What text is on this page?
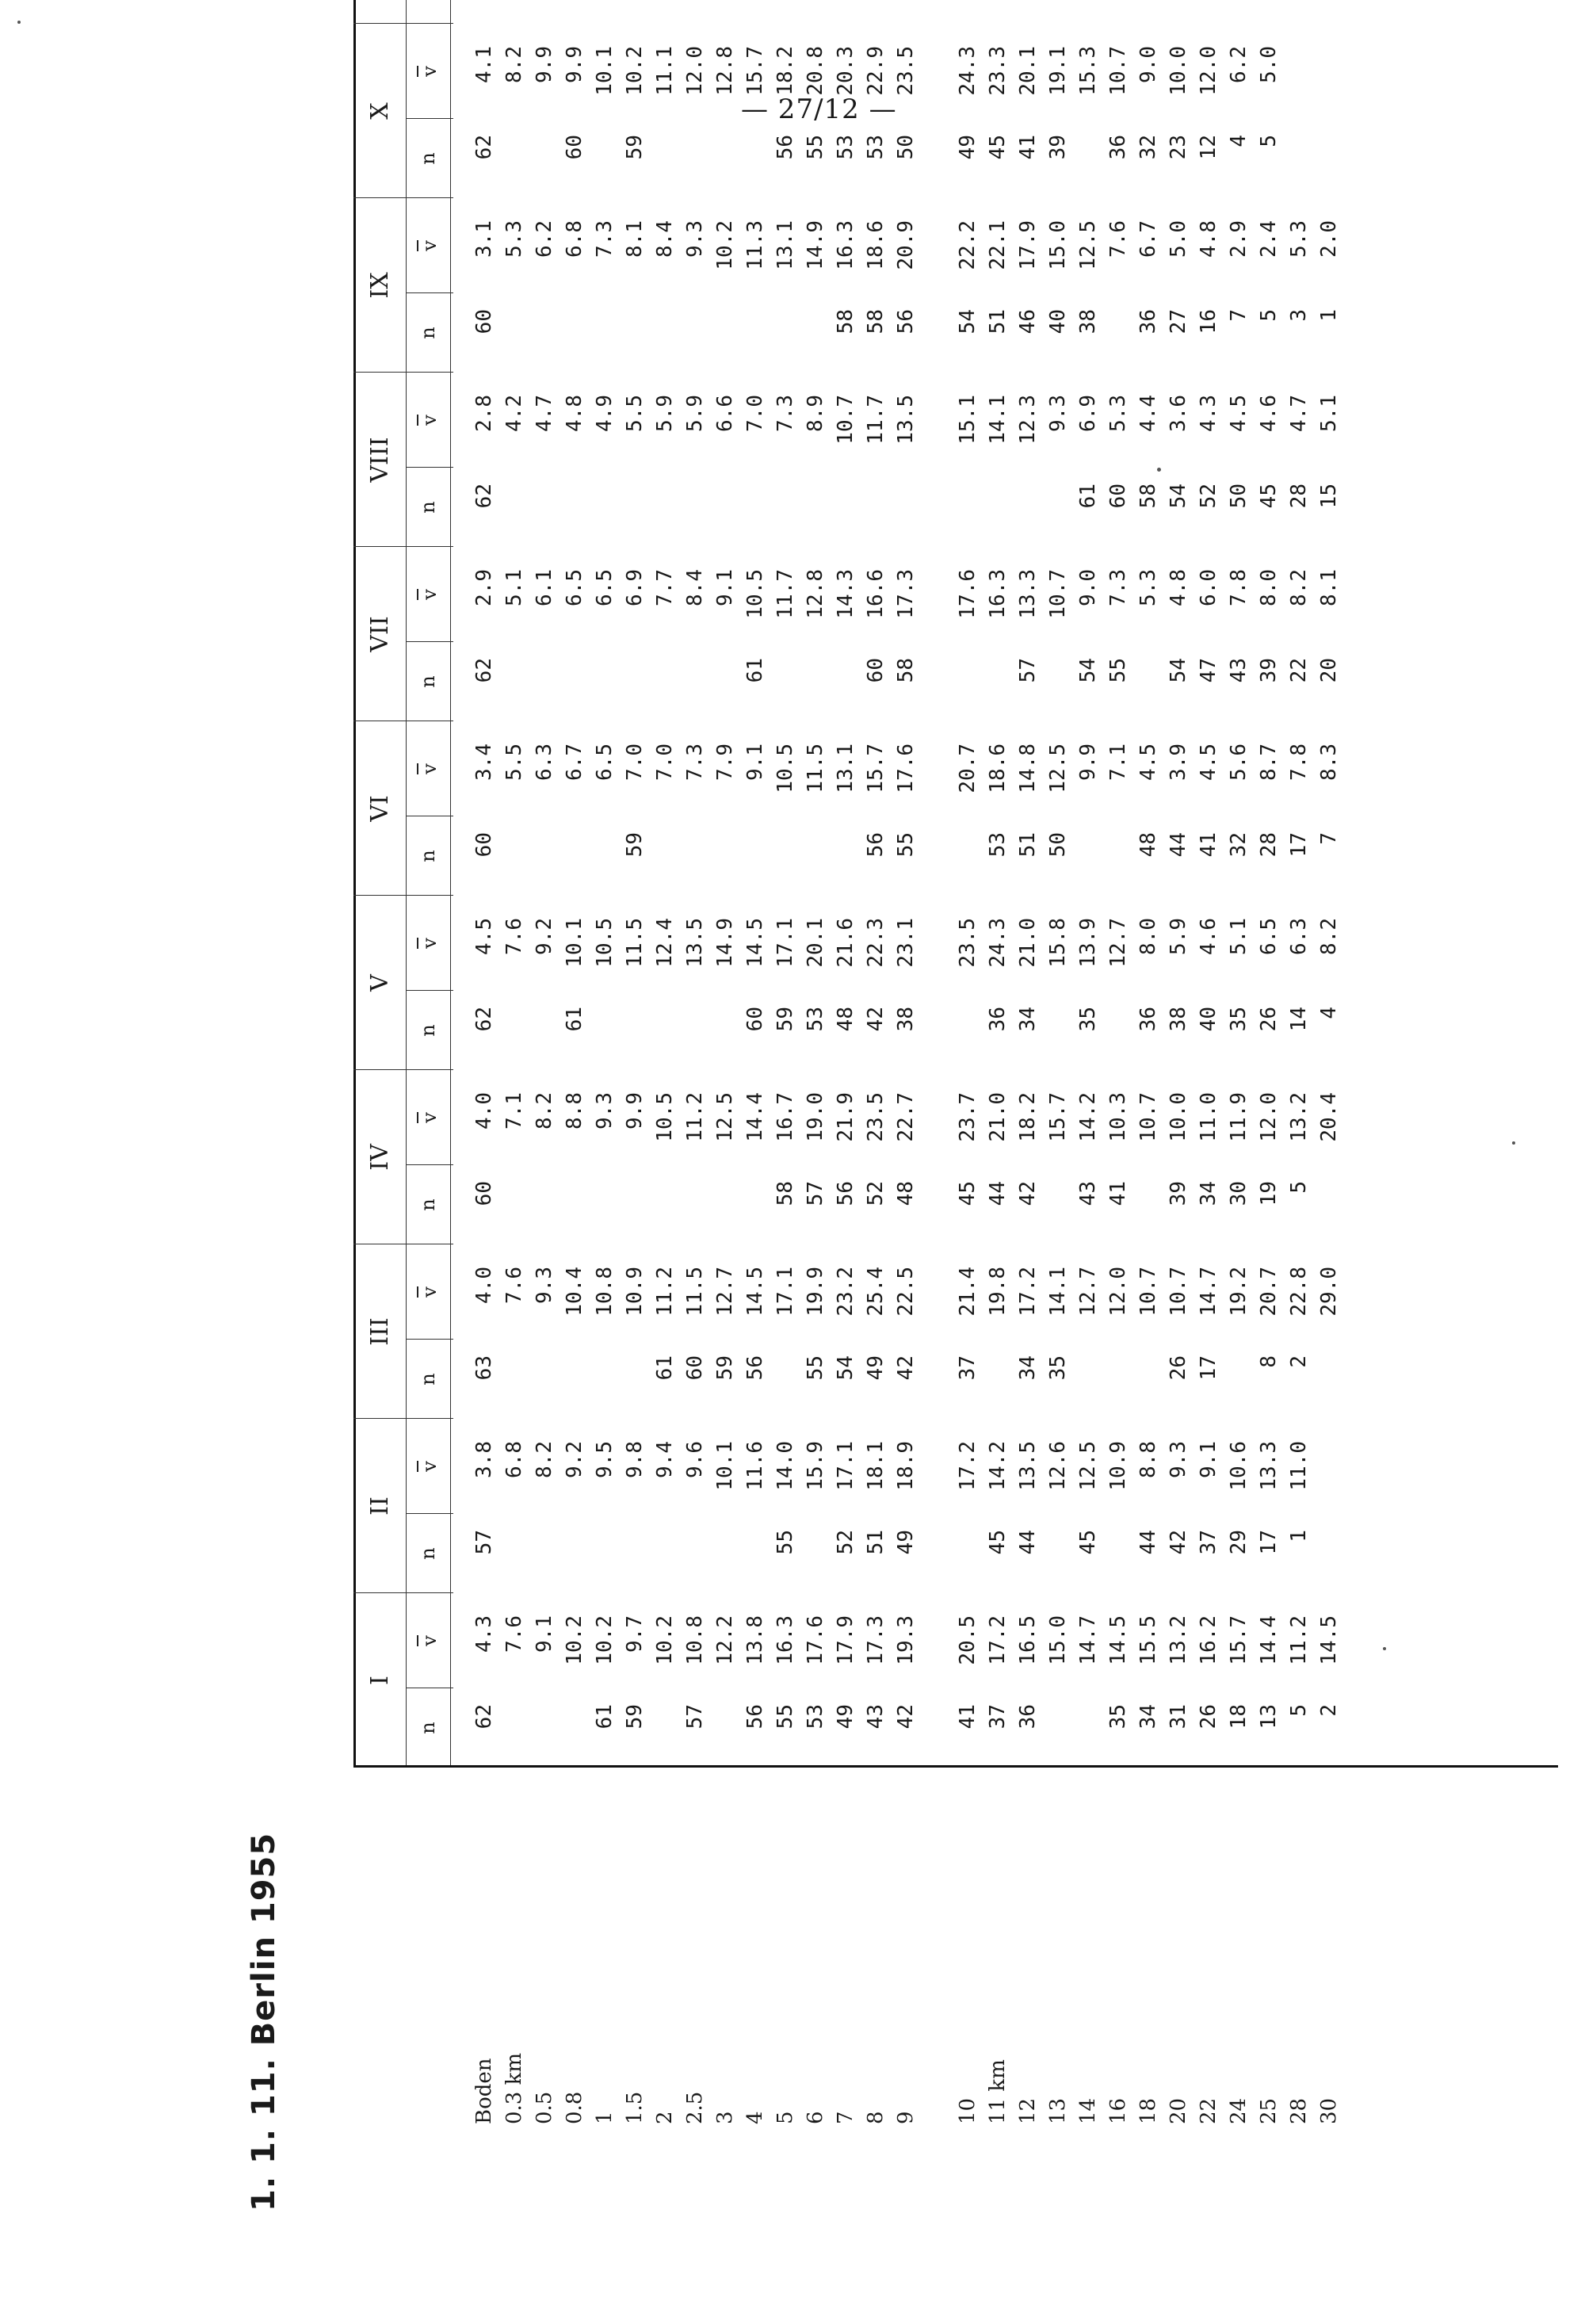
— 27/12 —
1. 1. 11. Berlin 1955
I
n
v
II
n
v
III
n
v
IV
n
v
V
n
v
VI
n
v
VII
n
v
VIII
n
v
IX
n
v
X
n
v
Boden
62
4.3
57
3.8
63
4.0
60
4.0
62
4.5
60
3.4
62
2.9
62
2.8
60
3.1
62
4.1
0.3 km
7.6
6.8
7.6
7.1
7.6
5.5
5.1
4.2
5.3
8.2
0.5
9.1
8.2
9.3
8.2
9.2
6.3
6.1
4.7
6.2
9.9
0.8
10.2
9.2
10.4
8.8
61
10.1
6.7
6.5
4.8
6.8
60
9.9
1
61
10.2
9.5
10.8
9.3
10.5
6.5
6.5
4.9
7.3
10.1
1.5
59
9.7
9.8
10.9
9.9
11.5
59
7.0
6.9
5.5
8.1
59
10.2
2
10.2
9.4
61
11.2
10.5
12.4
7.0
7.7
5.9
8.4
11.1
2.5
57
10.8
9.6
60
11.5
11.2
13.5
7.3
8.4
5.9
9.3
12.0
3
12.2
10.1
59
12.7
12.5
14.9
7.9
9.1
6.6
10.2
12.8
4
56
13.8
11.6
56
14.5
14.4
60
14.5
9.1
61
10.5
7.0
11.3
15.7
5
55
16.3
55
14.0
17.1
58
16.7
59
17.1
10.5
11.7
7.3
13.1
56
18.2
6
53
17.6
15.9
55
19.9
57
19.0
53
20.1
11.5
12.8
8.9
14.9
55
20.8
7
49
17.9
52
17.1
54
23.2
56
21.9
48
21.6
13.1
14.3
10.7
58
16.3
53
20.3
8
43
17.3
51
18.1
49
25.4
52
23.5
42
22.3
56
15.7
60
16.6
11.7
58
18.6
53
22.9
9
42
19.3
49
18.9
42
22.5
48
22.7
38
23.1
55
17.6
58
17.3
13.5
56
20.9
50
23.5
10
41
20.5
17.2
37
21.4
45
23.7
23.5
20.7
17.6
15.1
54
22.2
49
24.3
11 km
37
17.2
45
14.2
19.8
44
21.0
36
24.3
53
18.6
16.3
14.1
51
22.1
45
23.3
12
36
16.5
44
13.5
34
17.2
42
18.2
34
21.0
51
14.8
57
13.3
12.3
46
17.9
41
20.1
13
15.0
12.6
35
14.1
15.7
15.8
50
12.5
10.7
9.3
40
15.0
39
19.1
14
14.7
45
12.5
12.7
43
14.2
35
13.9
9.9
54
9.0
61
6.9
38
12.5
15.3
16
35
14.5
10.9
12.0
41
10.3
12.7
7.1
55
7.3
60
5.3
7.6
36
10.7
18
34
15.5
44
8.8
10.7
10.7
36
8.0
48
4.5
5.3
58
4.4
36
6.7
32
9.0
20
31
13.2
42
9.3
26
10.7
39
10.0
38
5.9
44
3.9
54
4.8
54
3.6
27
5.0
23
10.0
22
26
16.2
37
9.1
17
14.7
34
11.0
40
4.6
41
4.5
47
6.0
52
4.3
16
4.8
12
12.0
24
18
15.7
29
10.6
19.2
30
11.9
35
5.1
32
5.6
43
7.8
50
4.5
7
2.9
4
6.2
25
13
14.4
17
13.3
8
20.7
19
12.0
26
6.5
28
8.7
39
8.0
45
4.6
5
2.4
5
5.0
28
5
11.2
1
11.0
2
22.8
5
13.2
14
6.3
17
7.8
22
8.2
28
4.7
3
5.3
30
2
14.5
29.0
20.4
4
8.2
7
8.3
20
8.1
15
5.1
1
2.0
